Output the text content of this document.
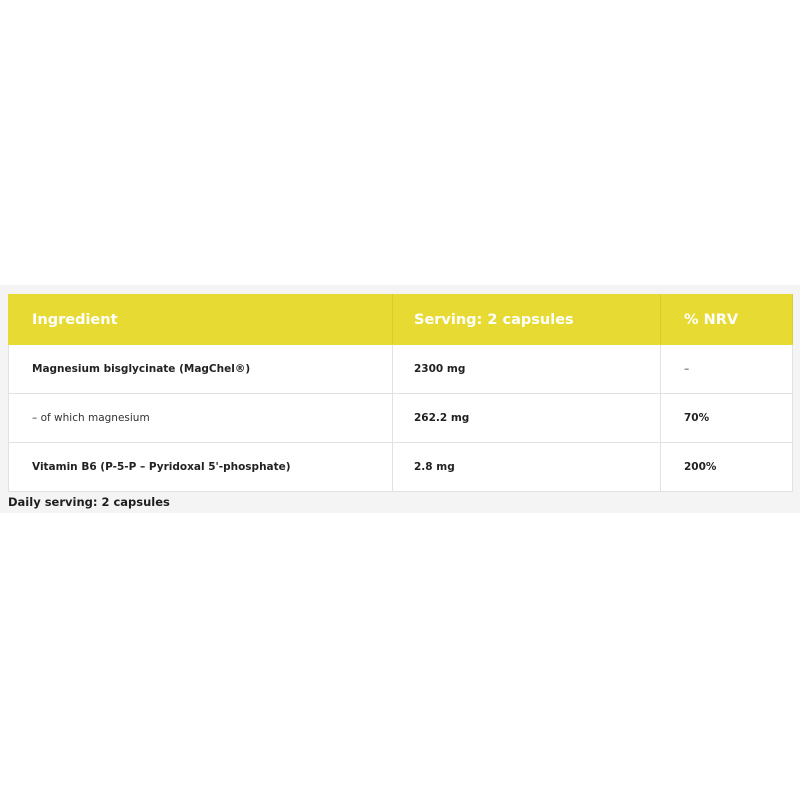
Ingredient	Serving: 2 capsules	% NRV
Magnesium bisglycinate (MagChel®)	2300 mg	–
– of which magnesium	262.2 mg	70%
Vitamin B6 (P-5-P – Pyridoxal 5'-phosphate)	2.8 mg	200%
Daily serving: 2 capsules
